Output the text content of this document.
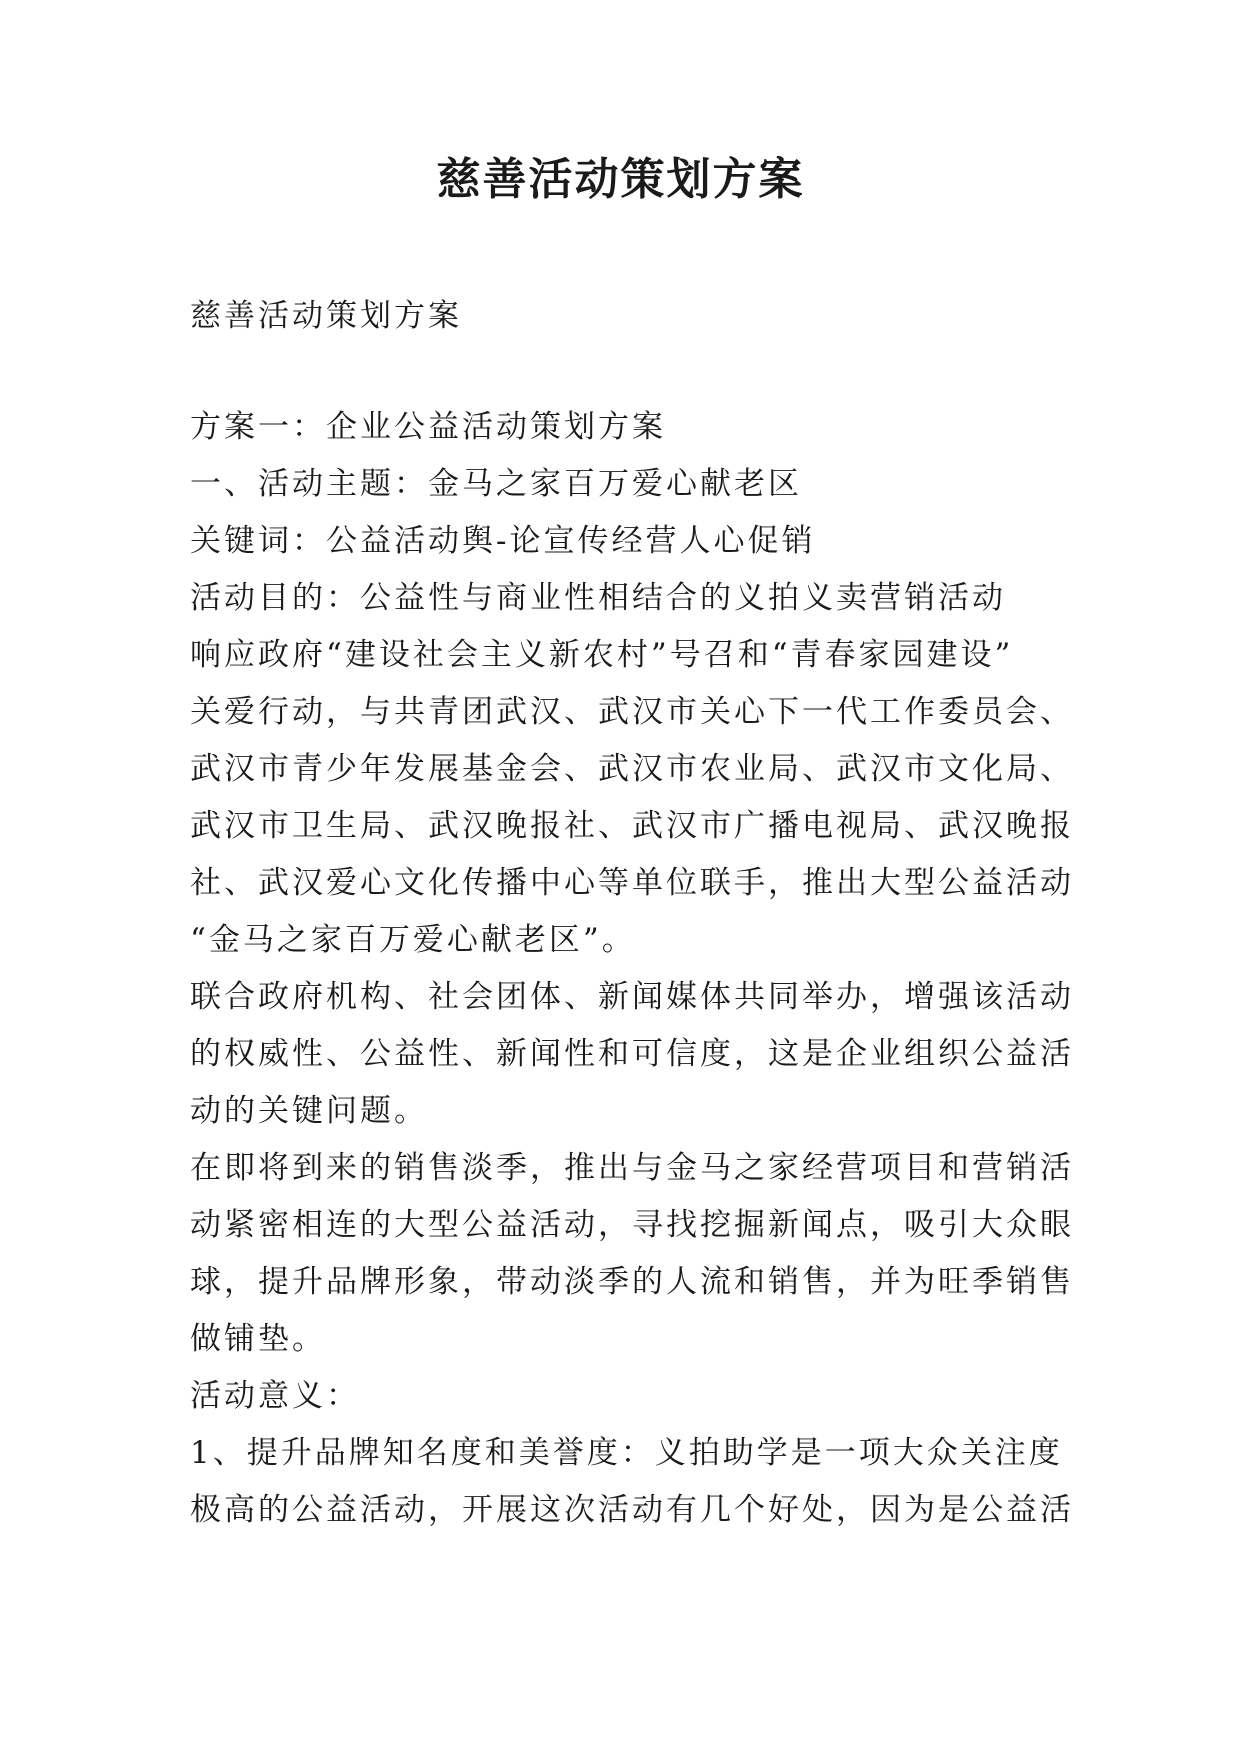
慈善活动策划方案

慈善活动策划方案

方案一：企业公益活动策划方案

一、活动主题：金马之家百万爱心献老区

关键词：公益活动舆-论宣传经营人心促销

活动目的：公益性与商业性相结合的义拍义卖营销活动

响应政府“建设社会主义新农村”号召和“青春家园建设”

关爱行动，与共青团武汉、武汉市关心下一代工作委员会、

武汉市青少年发展基金会、武汉市农业局、武汉市文化局、

武汉市卫生局、武汉晚报社、武汉市广播电视局、武汉晚报

社、武汉爱心文化传播中心等单位联手，推出大型公益活动

“金马之家百万爱心献老区”。

联合政府机构、社会团体、新闻媒体共同举办，增强该活动

的权威性、公益性、新闻性和可信度，这是企业组织公益活

动的关键问题。

在即将到来的销售淡季，推出与金马之家经营项目和营销活

动紧密相连的大型公益活动，寻找挖掘新闻点，吸引大众眼

球，提升品牌形象，带动淡季的人流和销售，并为旺季销售

做铺垫。

活动意义：

1、提升品牌知名度和美誉度：义拍助学是一项大众关注度

极高的公益活动，开展这次活动有几个好处，因为是公益活
